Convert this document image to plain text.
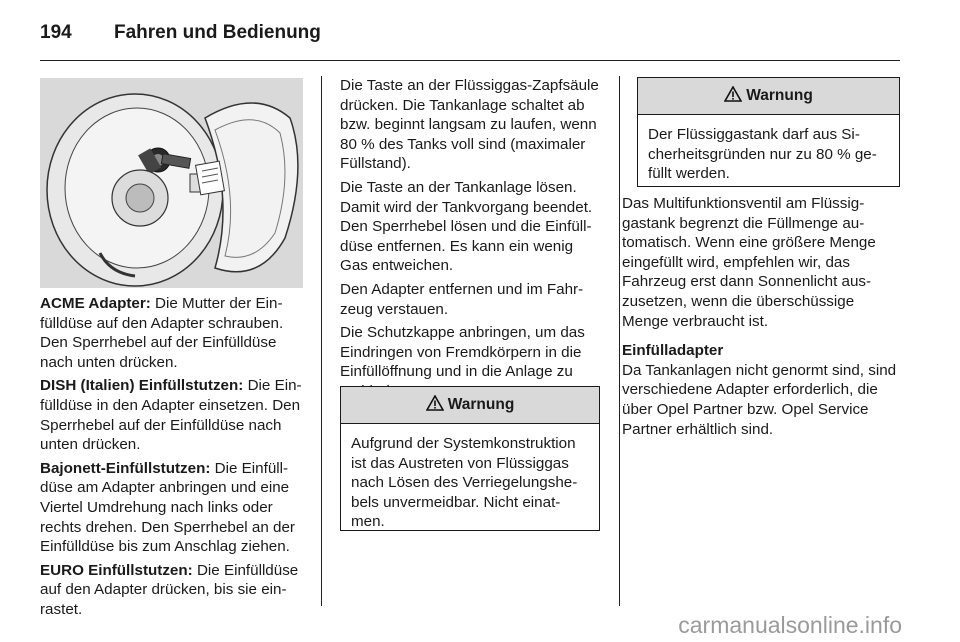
194 Fahren und Bedienung

ACME Adapter: Die Mutter der Einfülldüse auf den Adapter schrauben. Den Sperrhebel auf der Einfülldüse nach unten drücken.

DISH (Italien) Einfüllstutzen: Die Einfülldüse in den Adapter einsetzen. Den Sperrhebel auf der Einfülldüse nach unten drücken.

Bajonett-Einfüllstutzen: Die Einfülldüse am Adapter anbringen und eine Viertel Umdrehung nach links oder rechts drehen. Den Sperrhebel an der Einfülldüse bis zum Anschlag ziehen.

EURO Einfüllstutzen: Die Einfülldüse auf den Adapter drücken, bis sie einrastet.

Die Taste an der Flüssiggas-Zapfsäule drücken. Die Tankanlage schaltet ab bzw. beginnt langsam zu laufen, wenn 80 % des Tanks voll sind (maximaler Füllstand).

Die Taste an der Tankanlage lösen. Damit wird der Tankvorgang beendet. Den Sperrhebel lösen und die Einfülldüse entfernen. Es kann ein wenig Gas entweichen.

Den Adapter entfernen und im Fahrzeug verstauen.

Die Schutzkappe anbringen, um das Eindringen von Fremdkörpern in die Einfüllöffnung und in die Anlage zu

Warnung
Aufgrund der Systemkonstruktion ist das Austreten von Flüssiggas nach Lösen des Verriegelungshebels unvermeidbar. Nicht einatmen.
Warnung
Der Flüssiggastank darf aus Sicherheitsgründen nur zu 80 % gefüllt werden.

Das Multifunktionsventil am Flüssiggastank begrenzt die Füllmenge automatisch. Wenn eine größere Menge eingefüllt wird, empfehlen wir, das Fahrzeug erst dann Sonnenlicht auszusetzen, wenn die überschüssige Menge verbraucht ist.

Einfülladapter

Da Tankanlagen nicht genormt sind, sind verschiedene Adapter erforderlich, die über Opel Partner bzw. Opel Service Partner erhältlich sind.

carmanualsonline.info
